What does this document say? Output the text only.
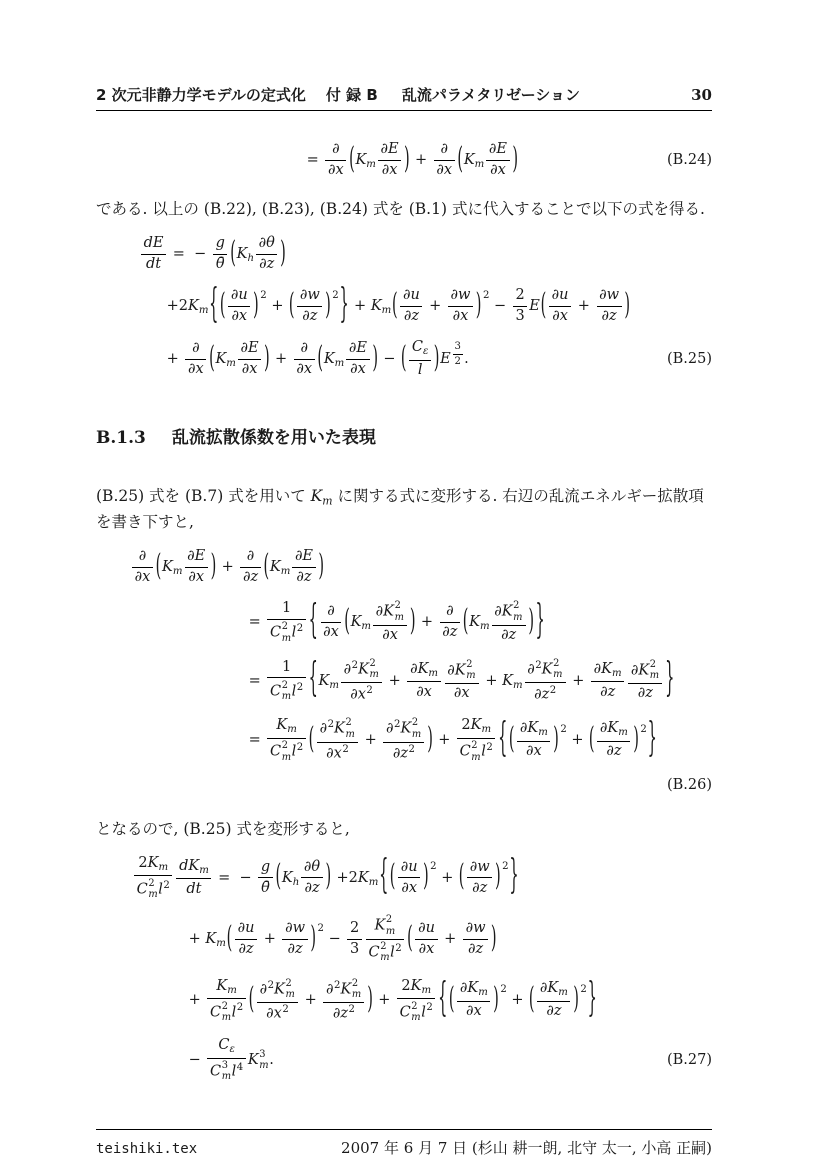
2 次元非静力学モデルの定式化 付 録 B 乱流パラメタリゼーション	30
=
∂
∂x ($K_m \frac{\partial E}{\partial x}$ ) +
∂
∂x ($K_m \frac{\partial E}{\partial x}$ )	(B.24)

である. 以上の (B.22), (B.23), (B.24) 式を (B.1) 式に代入することで以下の式を得る.

$\frac{dE}{dt}$ = − $\frac{g}{\thetā} (K_h \frac{\partial\theta}{\partial z}$ )
$+2K_m\{( \frac{\partial u}{\partial x}$ ) $^2$+ ( $\frac{\partial w}{\partial z}$ ) $^2\} + K_m( \frac{\partial u}{\partial z} + \frac{\partial w}{\partial x}$ ) $^2- \frac{2}{3} E( \frac{\partial u}{\partial x} + \frac{\partial w}{\partial z}$ )
+
∂
∂x ($K_m \frac{\partial E}{\partial x}$ ) +
∂
∂x ($K_m \frac{\partial E}{\partial x}$ ) − ( $\frac{C_\varepsilon}{l} )E$ $^{\frac{3}{2}}$ .	(B.25)
B.1.3 乱流拡散係数を用いた表現

(B.25) 式を (B.7) 式を用いて $K_m$ に関する式に変形する. 右辺の乱流エネルギー拡散項を書き下すと,

∂
∂x ($K_m \frac{\partial E}{\partial x}$ ) +
∂
∂z ($K_m \frac{\partial E}{\partial z}$ )
= 1
C 2
m $l^2$ { ∂
∂x ($K_m$ ∂K 2
m
∂x ) +
∂
∂z ($K_m$ ∂K 2
m
∂z )}
= 1
C 2
m $l^2$ {$K_m$ ∂$^2$K 2
m
$\partial x^2 + \frac{\partial K_m}{\partial x} \partial K$ 2
m
$\partial x + K_m$ ∂$^2$K 2
m
$\partial z^2 + \frac{\partial K_m}{\partial z} \partial K$ 2
m
∂z }
= $K_m$
C 2
m $l^2$ ( ∂$^2$K 2
m
$\partial x^2 + \partial^2K$ 2
m
$\partial z^2$ ) + $2K_m$
C 2
m $l^2$ {( $\frac{\partial K_m}{\partial x}$ ) $^2$+ ( $\frac{\partial K_m}{\partial z}$ ) $^2$}
(B.26)

となるので, (B.25) 式を変形すると,

$2K_m$
C 2
m $l^2$ $dK_m$
dt
= − $\frac{g}{\thetā} (K_h \frac{\partial\theta}{\partial z}$ ) $+2K_m\{( \frac{\partial u}{\partial x}$ ) $^2$+ ( $\frac{\partial w}{\partial z}$ ) $^2$}
+ $K_m( \frac{\partial u}{\partial z} + \frac{\partial w}{\partial z}$ ) $^2- \frac{2}{3}$ K 2
m
C 2
m $l^2$ ( $\frac{\partial u}{\partial x} + \frac{\partial w}{\partial z}$ )
+ $K_m$
C 2
m $l^2$ ( ∂$^2$K 2
m
$\partial x^2 + \partial^2K$ 2
m
$\partial z^2$ ) + $2K_m$
C 2
m $l^2$ {( $\frac{\partial K_m}{\partial x}$ ) $^2$+ ( $\frac{\partial K_m}{\partial z}$ ) $^2$}
− $C_\varepsilon$
C 3
m $l^4$ K 3
m .	(B.27)
teishiki.tex	2007 年 6 月 7 日 (杉山 耕一朗, 北守 太一, 小高 正嗣)
